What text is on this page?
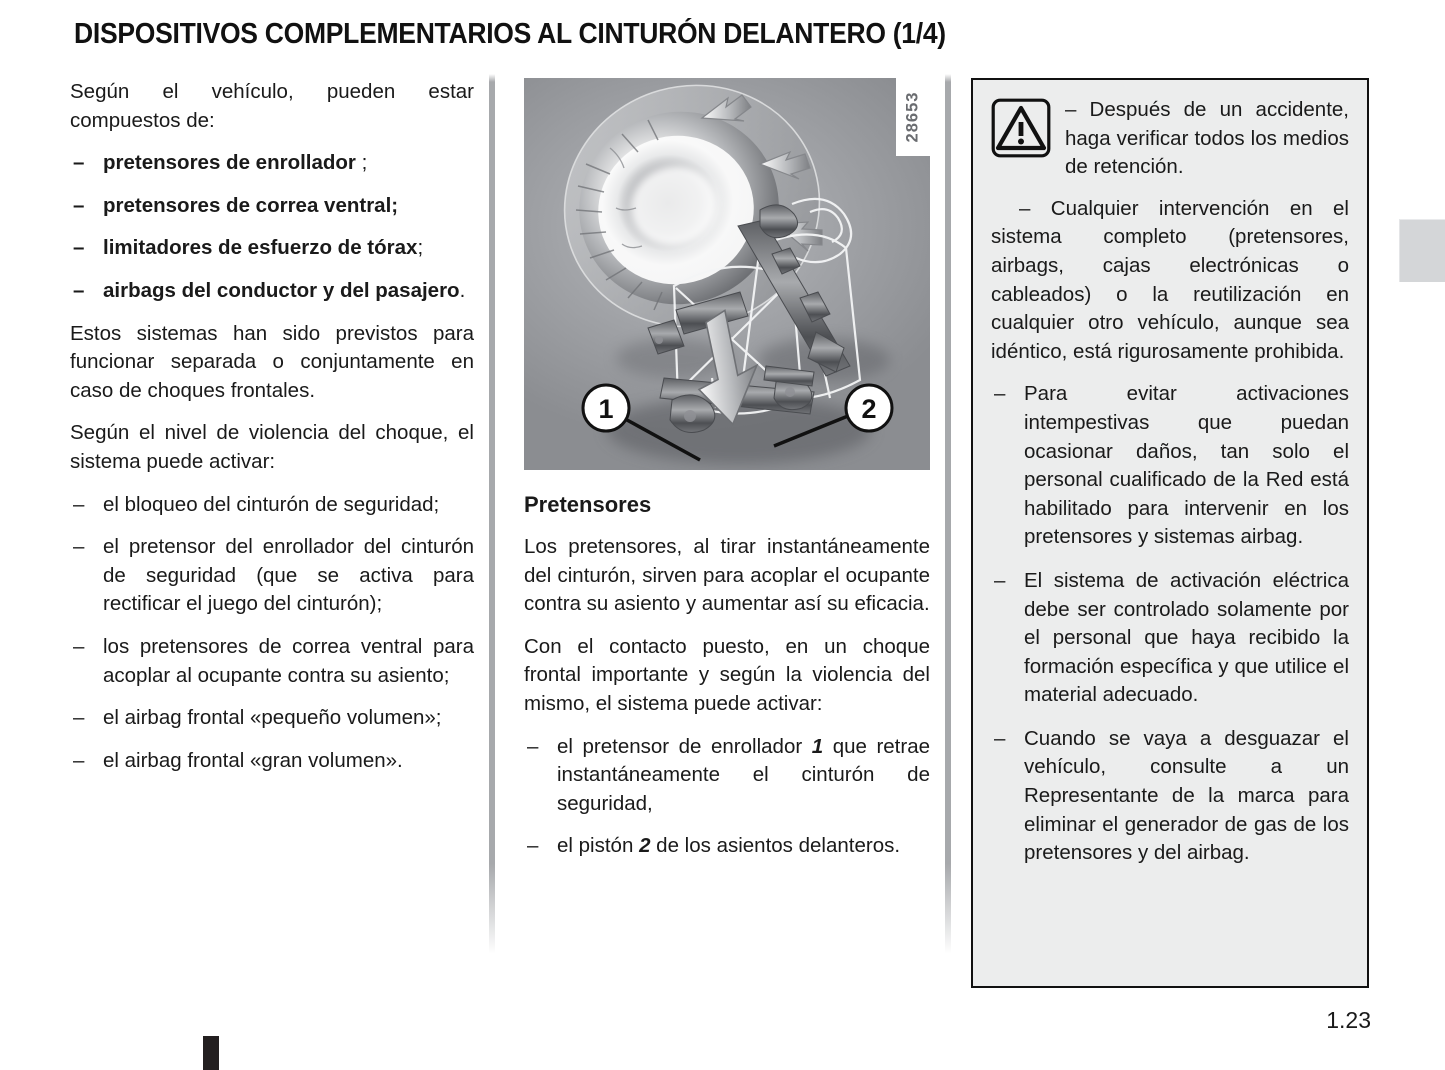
DISPOSITIVOS COMPLEMENTARIOS AL CINTURÓN DELANTERO (1/4)

Según el vehículo, pueden estar compuestos de:

– pretensores de enrollador ;
– pretensores de correa ventral;
– limitadores de esfuerzo de tórax;
– airbags del conductor y del pasajero.

Estos sistemas han sido previstos para funcionar separada o conjuntamente en caso de choques frontales.

Según el nivel de violencia del choque, el sistema puede activar:

– el bloqueo del cinturón de seguridad;
– el pretensor del enrollador del cinturón de seguridad (que se activa para rectificar el juego del cinturón);
– los pretensores de correa ventral para acoplar al ocupante contra su asiento;
– el airbag frontal «pequeño volumen»;
– el airbag frontal «gran volumen».
1	2
28653
Pretensores

Los pretensores, al tirar instantáneamente del cinturón, sirven para acoplar el ocupante contra su asiento y aumentar así su eficacia.

Con el contacto puesto, en un choque frontal importante y según la violencia del mismo, el sistema puede activar:

– el pretensor de enrollador 1 que retrae instantáneamente el cinturón de seguridad,
– el pistón 2 de los asientos delanteros.

– Después de un accidente, haga verificar todos los medios de retención.

– Cualquier intervención en el sistema completo (pretensores, airbags, cajas electrónicas o cableados) o la reutilización en cualquier otro vehículo, aunque sea idéntico, está rigurosamente prohibida.

– Para evitar activaciones intempestivas que puedan ocasionar daños, tan solo el personal cualificado de la Red está habilitado para intervenir en los pretensores y sistemas airbag.
– El sistema de activación eléctrica debe ser controlado solamente por el personal que haya recibido la formación específica y que utilice el material adecuado.
– Cuando se vaya a desguazar el vehículo, consulte a un Representante de la marca para eliminar el generador de gas de los pretensores y del airbag.
1.23
